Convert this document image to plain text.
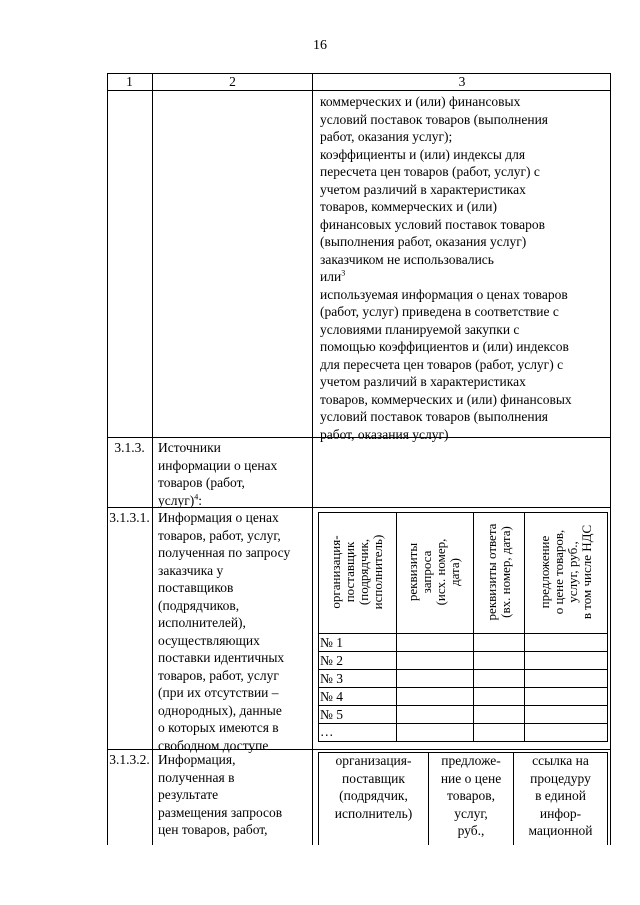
16
1	2	3
коммерческих и (или) финансовых
условий поставок товаров (выполнения
работ, оказания услуг);
коэффициенты и (или) индексы для
пересчета цен товаров (работ, услуг) с
учетом различий в характеристиках
товаров, коммерческих и (или)
финансовых условий поставок товаров
(выполнения работ, оказания услуг)
заказчиком не использовались
или$^3$
используемая информация о ценах товаров
(работ, услуг) приведена в соответствие с
условиями планируемой закупки с
помощью коэффициентов и (или) индексов
для пересчета цен товаров (работ, услуг) с
учетом различий в характеристиках
товаров, коммерческих и (или) финансовых
условий поставок товаров (выполнения
работ, оказания услуг)
3.1.3. Источники
информации о ценах
товаров (работ,
услуг)$^4$:
3.1.3.1. Информация о ценах
товаров, работ, услуг,
полученная по запросу
заказчика у
поставщиков
(подрядчиков,
исполнителей),
осуществляющих
поставки идентичных
товаров, работ, услуг
(при их отсутствии –
однородных), данные
о которых имеются в
свободном доступе
организация- поставщик (подрядчик, исполнитель) реквизиты запроса (исх. номер, дата) реквизиты ответа (вх. номер, дата) предложение о цене товаров, услуг, руб., в том числе НДС
№ 1
№ 2
№ 3
№ 4
№ 5
…
3.1.3.2. Информация,
полученная в
результате
размещения запросов
цен товаров, работ,
организация-
поставщик
(подрядчик,
исполнитель)
предложе-
ние о цене
товаров,
услуг,
руб.,
ссылка на
процедуру
в единой
инфор-
мационной
